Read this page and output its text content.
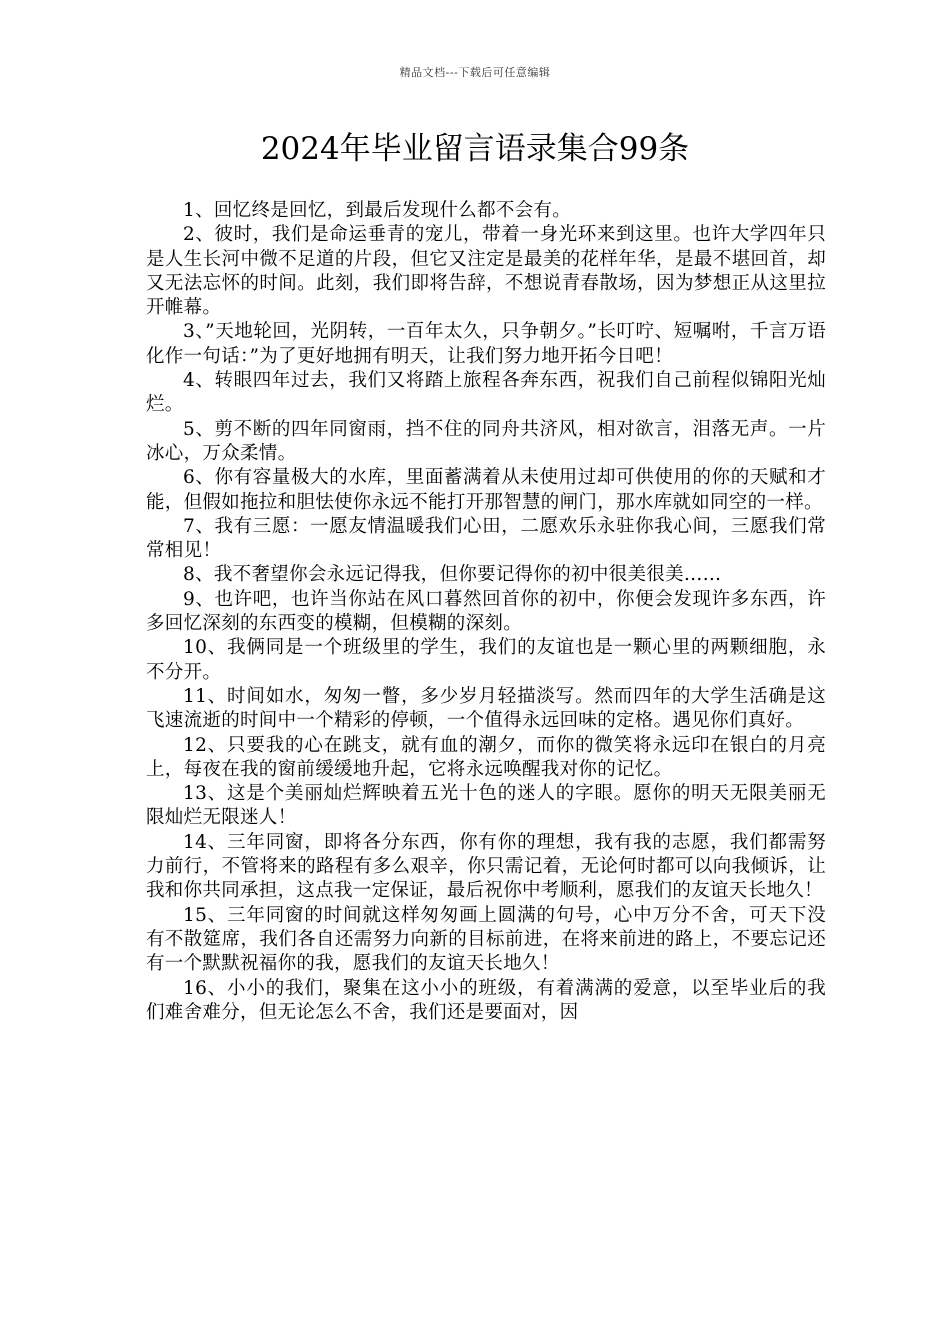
精品文档---下载后可任意编辑
2024年毕业留言语录集合99条

1、回忆终是回忆，到最后发现什么都不会有。

2、彼时，我们是命运垂青的宠儿，带着一身光环来到这里。也许大学四年只是人生长河中微不足道的片段，但它又注定是最美的花样年华，是最不堪回首，却又无法忘怀的时间。此刻，我们即将告辞，不想说青春散场，因为梦想正从这里拉开帷幕。

3、”天地轮回，光阴转，一百年太久，只争朝夕。”长叮咛、短嘱咐，千言万语化作一句话：”为了更好地拥有明天，让我们努力地开拓今日吧！

4、转眼四年过去，我们又将踏上旅程各奔东西，祝我们自己前程似锦阳光灿烂。

5、剪不断的四年同窗雨，挡不住的同舟共济风，相对欲言，泪落无声。一片冰心，万众柔情。

6、你有容量极大的水库，里面蓄满着从未使用过却可供使用的你的天赋和才能，但假如拖拉和胆怯使你永远不能打开那智慧的闸门，那水库就如同空的一样。

7、我有三愿：一愿友情温暖我们心田，二愿欢乐永驻你我心间，三愿我们常常相见！

8、我不奢望你会永远记得我，但你要记得你的初中很美很美……

9、也许吧，也许当你站在风口暮然回首你的初中，你便会发现许多东西，许多回忆深刻的东西变的模糊，但模糊的深刻。

10、我俩同是一个班级里的学生，我们的友谊也是一颗心里的两颗细胞，永不分开。

11、时间如水，匆匆一瞥，多少岁月轻描淡写。然而四年的大学生活确是这飞速流逝的时间中一个精彩的停顿，一个值得永远回味的定格。遇见你们真好。

12、只要我的心在跳支，就有血的潮夕，而你的微笑将永远印在银白的月亮上，每夜在我的窗前缓缓地升起，它将永远唤醒我对你的记忆。

13、这是个美丽灿烂辉映着五光十色的迷人的字眼。愿你的明天无限美丽无限灿烂无限迷人！

14、三年同窗，即将各分东西，你有你的理想，我有我的志愿，我们都需努力前行，不管将来的路程有多么艰辛，你只需记着，无论何时都可以向我倾诉，让我和你共同承担，这点我一定保证，最后祝你中考顺利，愿我们的友谊天长地久！

15、三年同窗的时间就这样匆匆画上圆满的句号，心中万分不舍，可天下没有不散筵席，我们各自还需努力向新的目标前进，在将来前进的路上，不要忘记还有一个默默祝福你的我，愿我们的友谊天长地久！

16、小小的我们，聚集在这小小的班级，有着满满的爱意，以至毕业后的我们难舍难分，但无论怎么不舍，我们还是要面对，因
